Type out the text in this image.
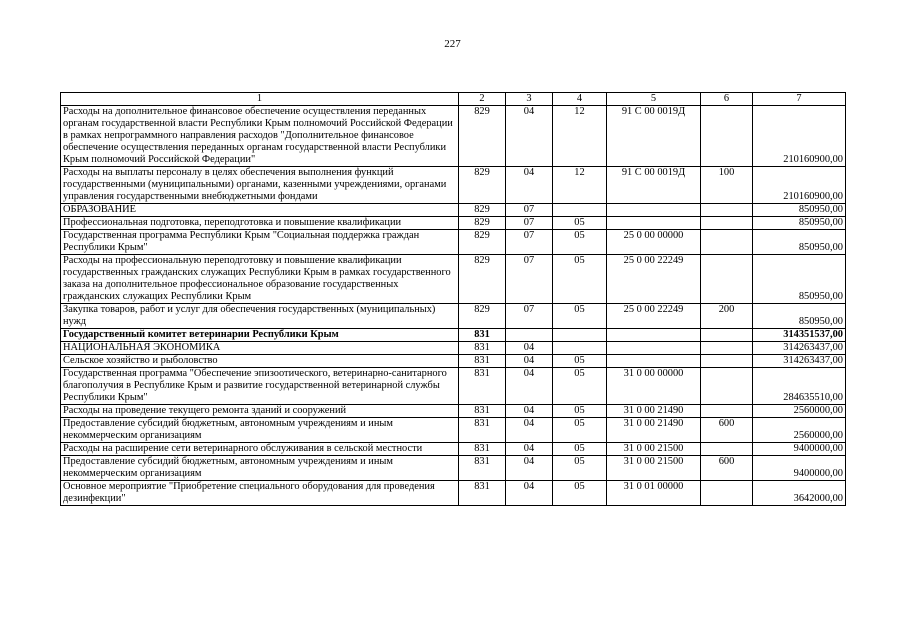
227
1	2	3	4	5	6	7
Расходы на дополнительное финансовое обеспечение осуществления переданных органам государственной власти Республики Крым полномочий Российской Федерации в рамках непрограммного направления расходов "Дополнительное финансовое обеспечение осуществления переданных органам государственной власти Республики Крым полномочий Российской Федерации"	829	04	12	91 С 00 0019Д		210160900,00
Расходы на выплаты персоналу в целях обеспечения выполнения функций государственными (муниципальными) органами, казенными учреждениями, органами управления государственными внебюджетными фондами	829	04	12	91 С 00 0019Д	100	210160900,00
ОБРАЗОВАНИЕ	829	07				850950,00
Профессиональная подготовка, переподготовка и повышение квалификации	829	07	05			850950,00
Государственная программа Республики Крым "Социальная поддержка граждан Республики Крым"	829	07	05	25 0 00 00000		850950,00
Расходы на профессиональную переподготовку и повышение квалификации государственных гражданских служащих Республики Крым в рамках государственного заказа на дополнительное профессиональное образование государственных гражданских служащих Республики Крым	829	07	05	25 0 00 22249		850950,00
Закупка товаров, работ и услуг для обеспечения государственных (муниципальных) нужд	829	07	05	25 0 00 22249	200	850950,00
Государственный комитет ветеринарии Республики Крым	831					314351537,00
НАЦИОНАЛЬНАЯ ЭКОНОМИКА	831	04				314263437,00
Сельское хозяйство и рыболовство	831	04	05			314263437,00
Государственная программа "Обеспечение эпизоотического, ветеринарно-санитарного благополучия в Республике Крым и развитие государственной ветеринарной службы Республики Крым"	831	04	05	31 0 00 00000		284635510,00
Расходы на проведение текущего ремонта зданий и сооружений	831	04	05	31 0 00 21490		2560000,00
Предоставление субсидий бюджетным, автономным учреждениям и иным некоммерческим организациям	831	04	05	31 0 00 21490	600	2560000,00
Расходы на расширение сети ветеринарного обслуживания в сельской местности	831	04	05	31 0 00 21500		9400000,00
Предоставление субсидий бюджетным, автономным учреждениям и иным некоммерческим организациям	831	04	05	31 0 00 21500	600	9400000,00
Основное мероприятие "Приобретение специального оборудования для проведения дезинфекции"	831	04	05	31 0 01 00000		3642000,00
